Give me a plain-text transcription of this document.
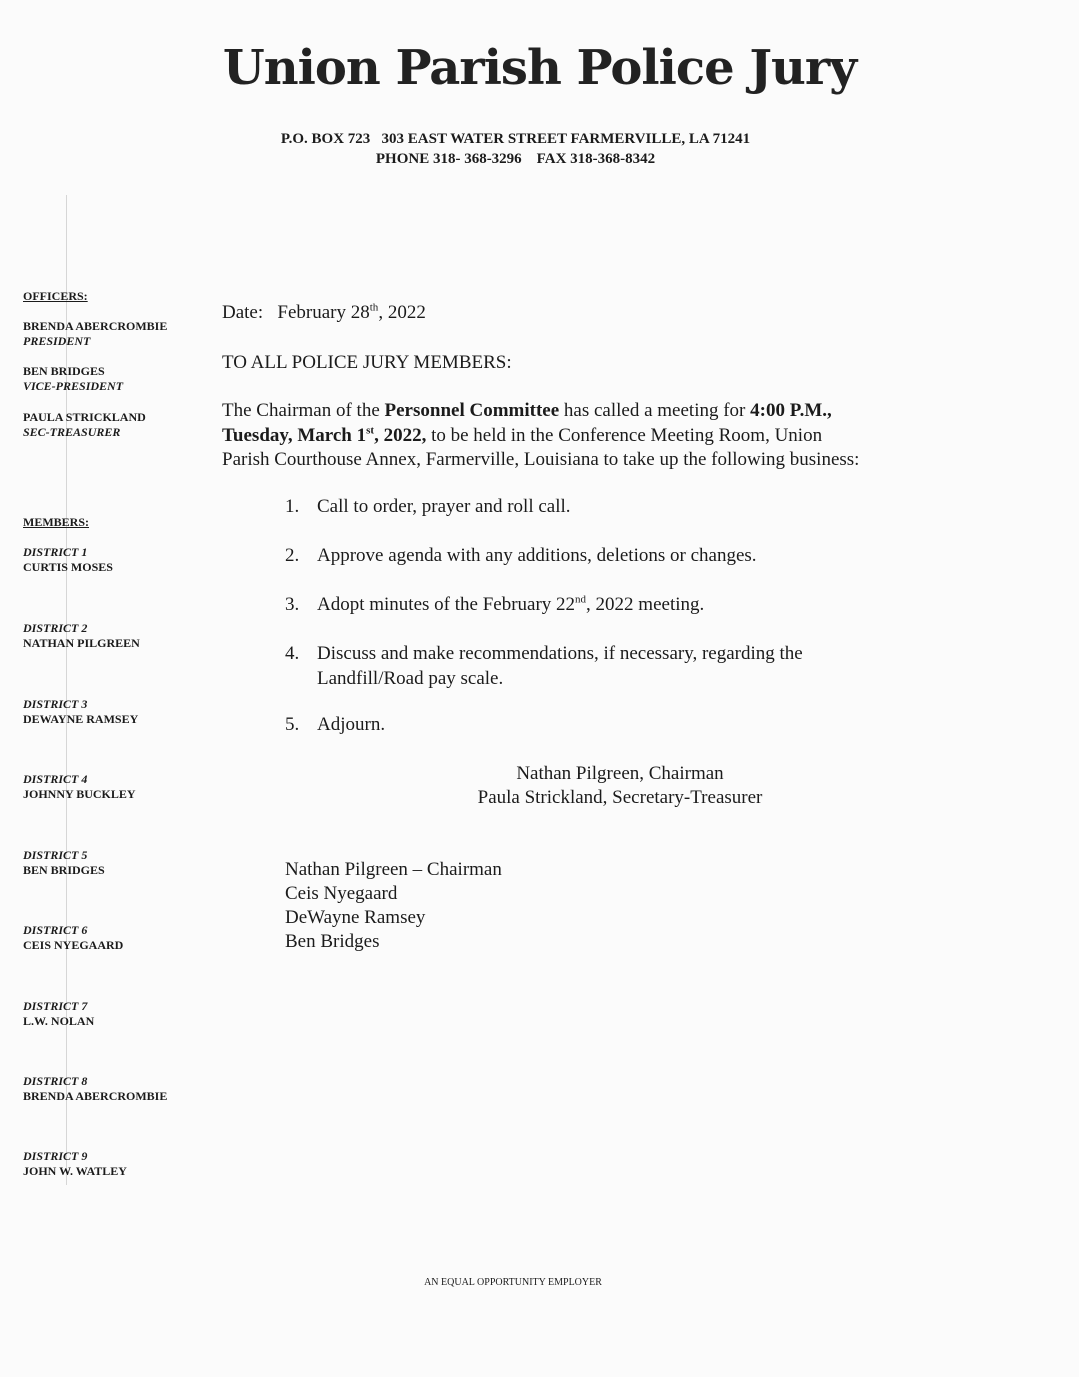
Union Parish Police Jury
P.O. BOX 723   303 EAST WATER STREET FARMERVILLE, LA 71241
PHONE 318- 368-3296    FAX 318-368-8342
OFFICERS:
BRENDA ABERCROMBIE
PRESIDENT
BEN BRIDGES
VICE-PRESIDENT
PAULA STRICKLAND
SEC-TREASURER
MEMBERS:
DISTRICT 1
CURTIS MOSES
DISTRICT 2
NATHAN PILGREEN
DISTRICT 3
DEWAYNE RAMSEY
DISTRICT 4
JOHNNY BUCKLEY
DISTRICT 5
BEN BRIDGES
DISTRICT 6
CEIS NYEGAARD
DISTRICT 7
L.W. NOLAN
DISTRICT 8
BRENDA ABERCROMBIE
DISTRICT 9
JOHN W. WATLEY
Date: February 28th, 2022
TO ALL POLICE JURY MEMBERS:
The Chairman of the Personnel Committee has called a meeting for 4:00 P.M.,
Tuesday, March 1st, 2022, to be held in the Conference Meeting Room, Union
Parish Courthouse Annex, Farmerville, Louisiana to take up the following business:
1. Call to order, prayer and roll call.
2. Approve agenda with any additions, deletions or changes.
3. Adopt minutes of the February 22nd, 2022 meeting.
4. Discuss and make recommendations, if necessary, regarding the
Landfill/Road pay scale.
5. Adjourn.
Nathan Pilgreen, Chairman
Paula Strickland, Secretary-Treasurer
Nathan Pilgreen – Chairman
Ceis Nyegaard
DeWayne Ramsey
Ben Bridges
AN EQUAL OPPORTUNITY EMPLOYER
